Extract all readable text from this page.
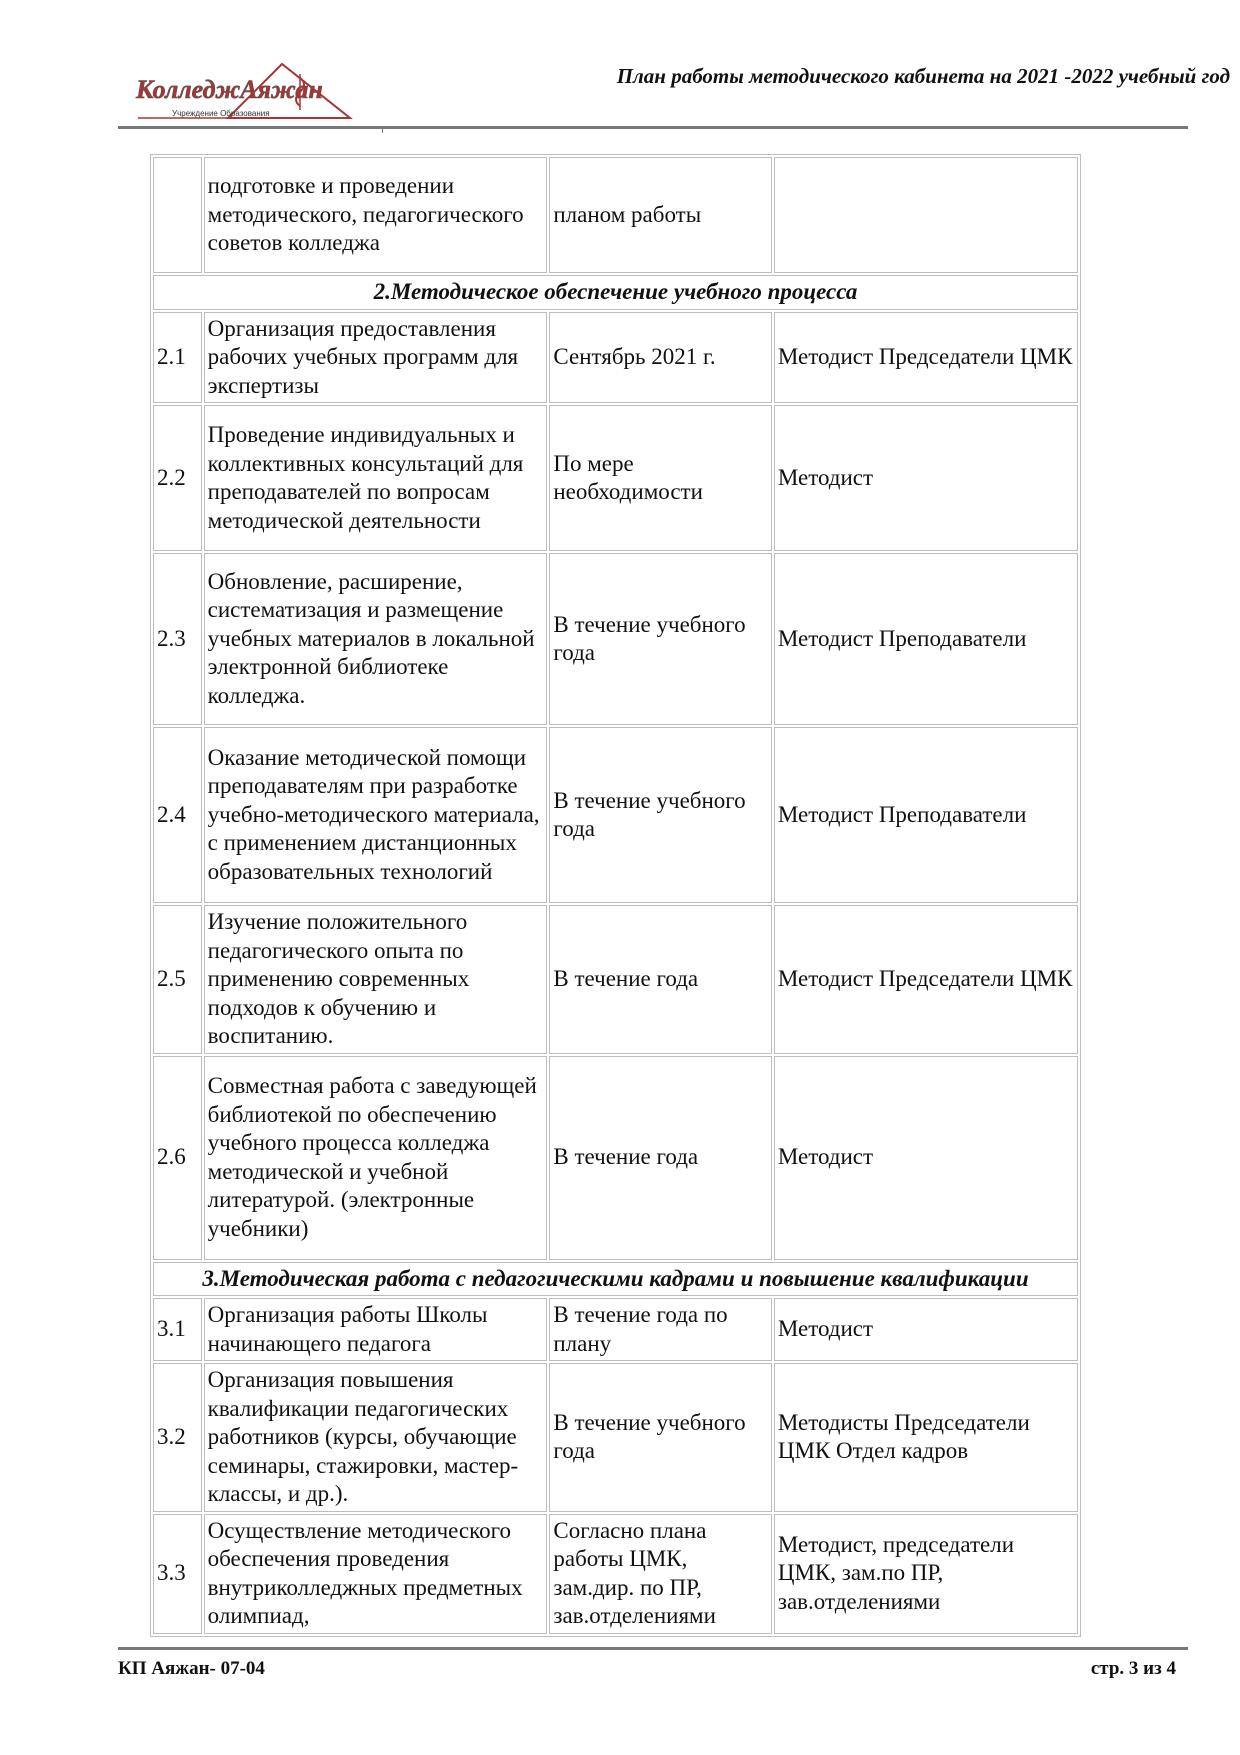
КолледжАяжан
Учреждение Образования
План работы методического кабинета на 2021 -2022 учебный год
	подготовке и проведении методического, педагогического советов колледжа	планом работы	
2.Методическое обеспечение учебного процесса			
2.1	Организация предоставления рабочих учебных программ для экспертизы	Сентябрь 2021 г.	Методист Председатели ЦМК
2.2	Проведение индивидуальных и коллективных консультаций для преподавателей по вопросам методической деятельности	По мере необходимости	Методист
2.3	Обновление, расширение, систематизация и размещение учебных материалов в локальной электронной библиотеке колледжа.	В течение учебного года	Методист Преподаватели
2.4	Оказание методической помощи преподавателям при разработке учебно-методического материала, с применением дистанционных образовательных технологий	В течение учебного года	Методист Преподаватели
2.5	Изучение положительного педагогического опыта по применению современных подходов к обучению и воспитанию.	В течение года	Методист Председатели ЦМК
2.6	Совместная работа с заведующей библиотекой по обеспечению учебного процесса колледжа методической и учебной литературой. (электронные учебники)	В течение года	Методист
3.Методическая работа с педагогическими кадрами и повышение квалификации			
3.1	Организация работы Школы начинающего педагога	В течение года по плану	Методист
3.2	Организация повышения квалификации педагогических работников (курсы, обучающие семинары, стажировки, мастер- классы, и др.).	В течение учебного года	Методисты Председатели ЦМК Отдел кадров
3.3	Осуществление методического обеспечения проведения внутриколледжных предметных олимпиад,	Согласно плана работы ЦМК, зам.дир. по ПР, зав.отделениями	Методист, председатели ЦМК, зам.по ПР, зав.отделениями
КП Аяжан- 07-04	стр. 3 из 4
